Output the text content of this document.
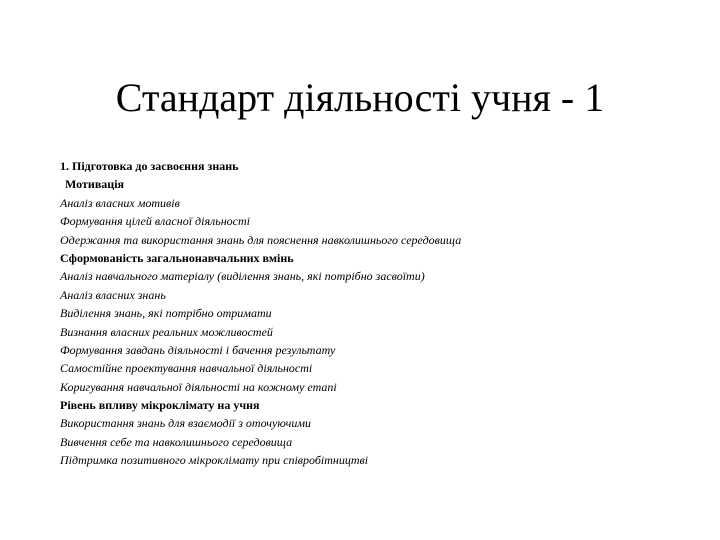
Стандарт діяльності учня - 1
1. Підготовка до засвоєння знань
Мотивація
Аналіз власних мотивів
Формування цілей власної діяльності
Одержання та використання знань для пояснення навколишнього середовища
Сформованість загальнонавчальних вмінь
Аналіз навчального матеріалу (виділення знань, які потрібно засвоїти)
Аналіз власних знань
Виділення знань, які потрібно отримати
Визнання власних реальних можливостей
Формування завдань діяльності і бачення результату
Самостійне проектування навчальної діяльності
Коригування навчальної діяльності на кожному етапі
Рівень впливу мікроклімату на учня
Використання знань для взаємодії з оточуючими
Вивчення себе та навколишнього середовища
Підтримка позитивного мікроклімату при співробітництві
